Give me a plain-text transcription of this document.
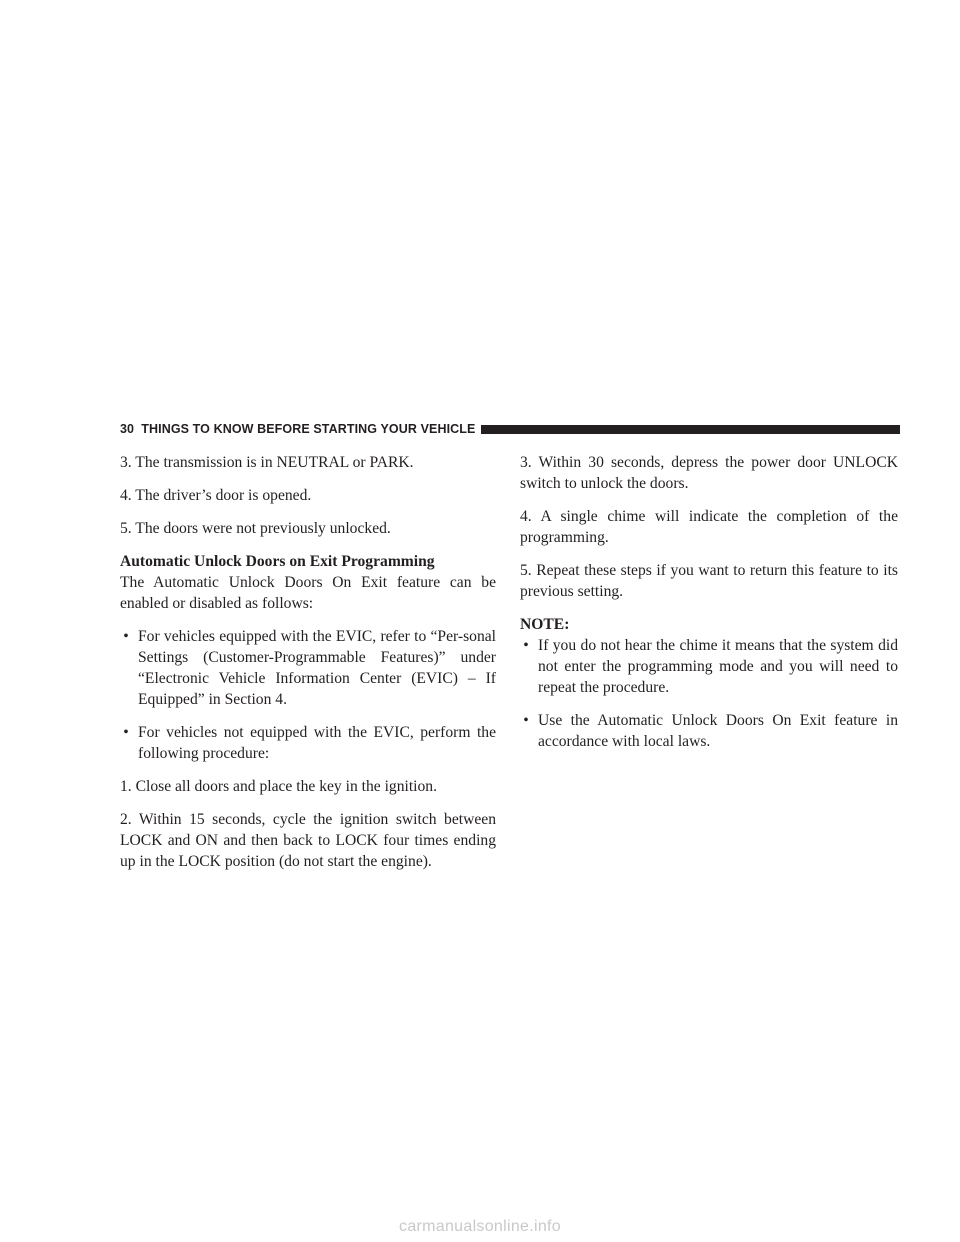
30 THINGS TO KNOW BEFORE STARTING YOUR VEHICLE

3. The transmission is in NEUTRAL or PARK.

4. The driver’s door is opened.

5. The doors were not previously unlocked.

Automatic Unlock Doors on Exit Programming

The Automatic Unlock Doors On Exit feature can be enabled or disabled as follows:

• For vehicles equipped with the EVIC, refer to “Per-sonal Settings (Customer-Programmable Features)” under “Electronic Vehicle Information Center (EVIC) – If Equipped” in Section 4.
• For vehicles not equipped with the EVIC, perform the following procedure:

1. Close all doors and place the key in the ignition.

2. Within 15 seconds, cycle the ignition switch between LOCK and ON and then back to LOCK four times ending up in the LOCK position (do not start the engine).

3. Within 30 seconds, depress the power door UNLOCK switch to unlock the doors.

4. A single chime will indicate the completion of the programming.

5. Repeat these steps if you want to return this feature to its previous setting.

NOTE:

• If you do not hear the chime it means that the system did not enter the programming mode and you will need to repeat the procedure.
• Use the Automatic Unlock Doors On Exit feature in accordance with local laws.
carmanualsonline.info
